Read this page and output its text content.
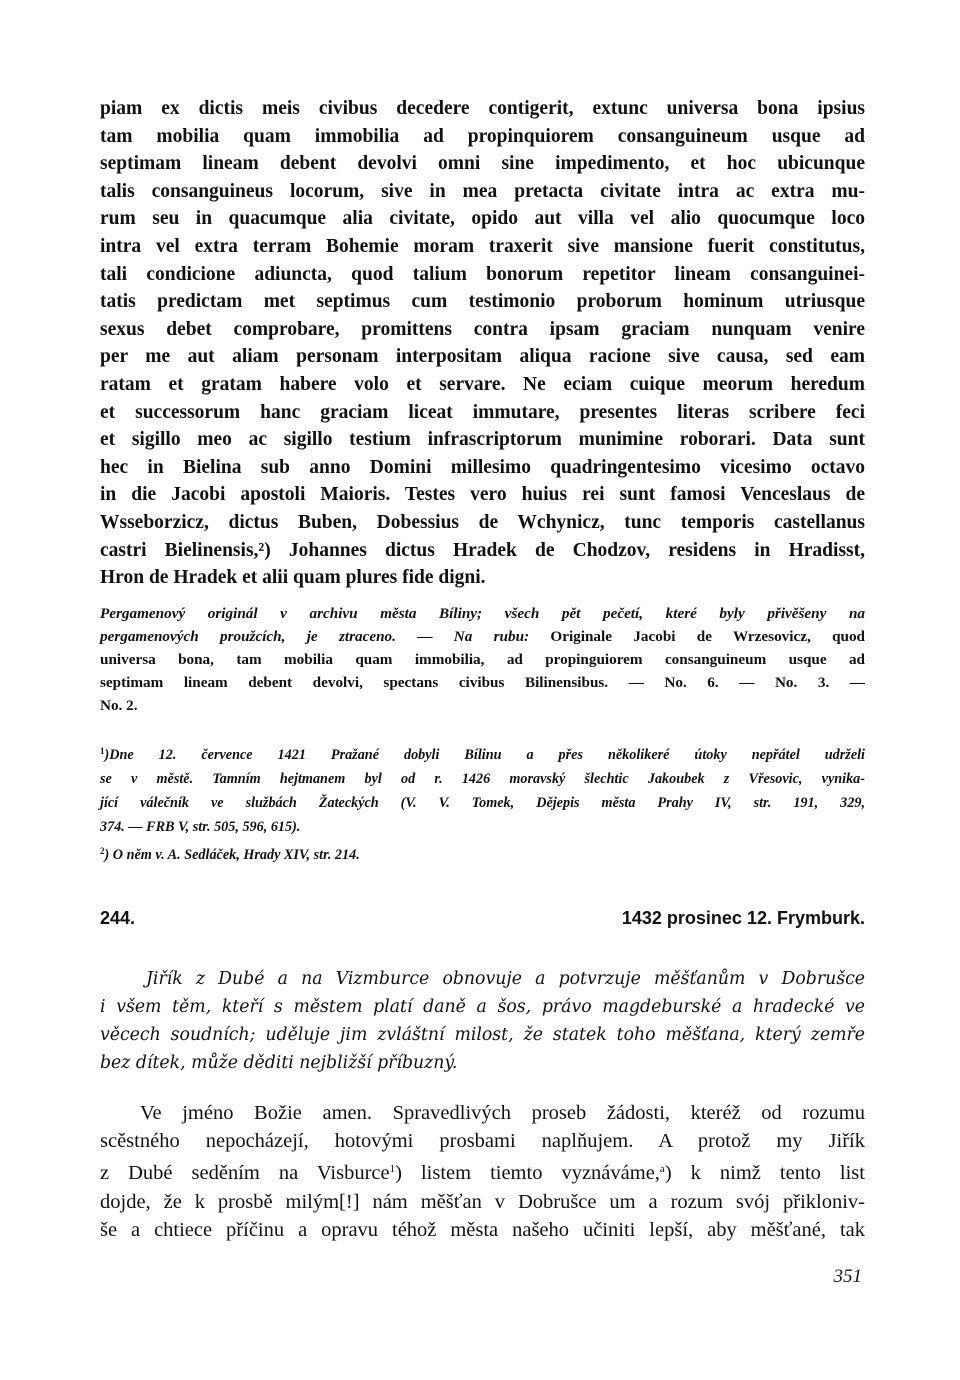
piam ex dictis meis civibus decedere contigerit, extunc universa bona ipsius
tam mobilia quam immobilia ad propinquiorem consanguineum usque ad
septimam lineam debent devolvi omni sine impedimento, et hoc ubicunque
talis consanguineus locorum, sive in mea pretacta civitate intra ac extra mu-
rum seu in quacumque alia civitate, opido aut villa vel alio quocumque loco
intra vel extra terram Bohemie moram traxerit sive mansione fuerit constitutus,
tali condicione adiuncta, quod talium bonorum repetitor lineam consanguinei-
tatis predictam met septimus cum testimonio proborum hominum utriusque
sexus debet comprobare, promittens contra ipsam graciam nunquam venire
per me aut aliam personam interpositam aliqua racione sive causa, sed eam
ratam et gratam habere volo et servare. Ne eciam cuique meorum heredum
et successorum hanc graciam liceat immutare, presentes literas scribere feci
et sigillo meo ac sigillo testium infrascriptorum munimine roborari. Data sunt
hec in Bielina sub anno Domini millesimo quadringentesimo vicesimo octavo
in die Jacobi apostoli Maioris. Testes vero huius rei sunt famosi Venceslaus de
Wsseborzicz, dictus Buben, Dobessius de Wchynicz, tunc temporis castellanus
castri Bielinensis,²) Johannes dictus Hradek de Chodzov, residens in Hradisst,
Hron de Hradek et alii quam plures fide digni.
Pergamenový originál v archivu města Bíliny; všech pět pečetí, které byly přivěšeny na
pergamenových proužcích, je ztraceno. — Na rubu: Originale Jacobi de Wrzesovicz, quod
universa bona, tam mobilia quam immobilia, ad propinguiorem consanguineum usque ad
septimam lineam debent devolvi, spectans civibus Bilinensibus. — No. 6. — No. 3. —
No. 2.
$^1$)Dne 12. července 1421 Pražané dobyli Bílinu a přes několikeré útoky nepřátel udrželi
se v městě. Tamním hejtmanem byl od r. 1426 moravský šlechtic Jakoubek z Vřesovic, vynika-
jící válečník ve službách Žateckých (V. V. Tomek, Dějepis města Prahy IV, str. 191, 329,
374. — FRB V, str. 505, 596, 615).
$^2$) O něm v. A. Sedláček, Hrady XIV, str. 214.
244.	1432 prosinec 12. Frymburk.
Jiřík z Dubé a na Vizmburce obnovuje a potvrzuje měšťanům v Dobrušce
i všem těm, kteří s městem platí daně a šos, právo magdeburské a hradecké ve
věcech soudních; uděluje jim zvláštní milost, že statek toho měšťana, který zemře
bez dítek, může děditi nejbližší příbuzný.
Ve jméno Božie amen. Spravedlivých proseb žádosti, kteréž od rozumu
scěstného nepocházejí, hotovými prosbami naplňujem. A protož my Jiřík
z Dubé seděním na Visburce$^1$) listem tiemto vyznáváme,$^a$) k nimž tento list
dojde, že k prosbě milým[!] nám měšťan v Dobrušce um a rozum svój přikloniv-
še a chtiece příčinu a opravu téhož města našeho učiniti lepší, aby měšťané, tak
351
